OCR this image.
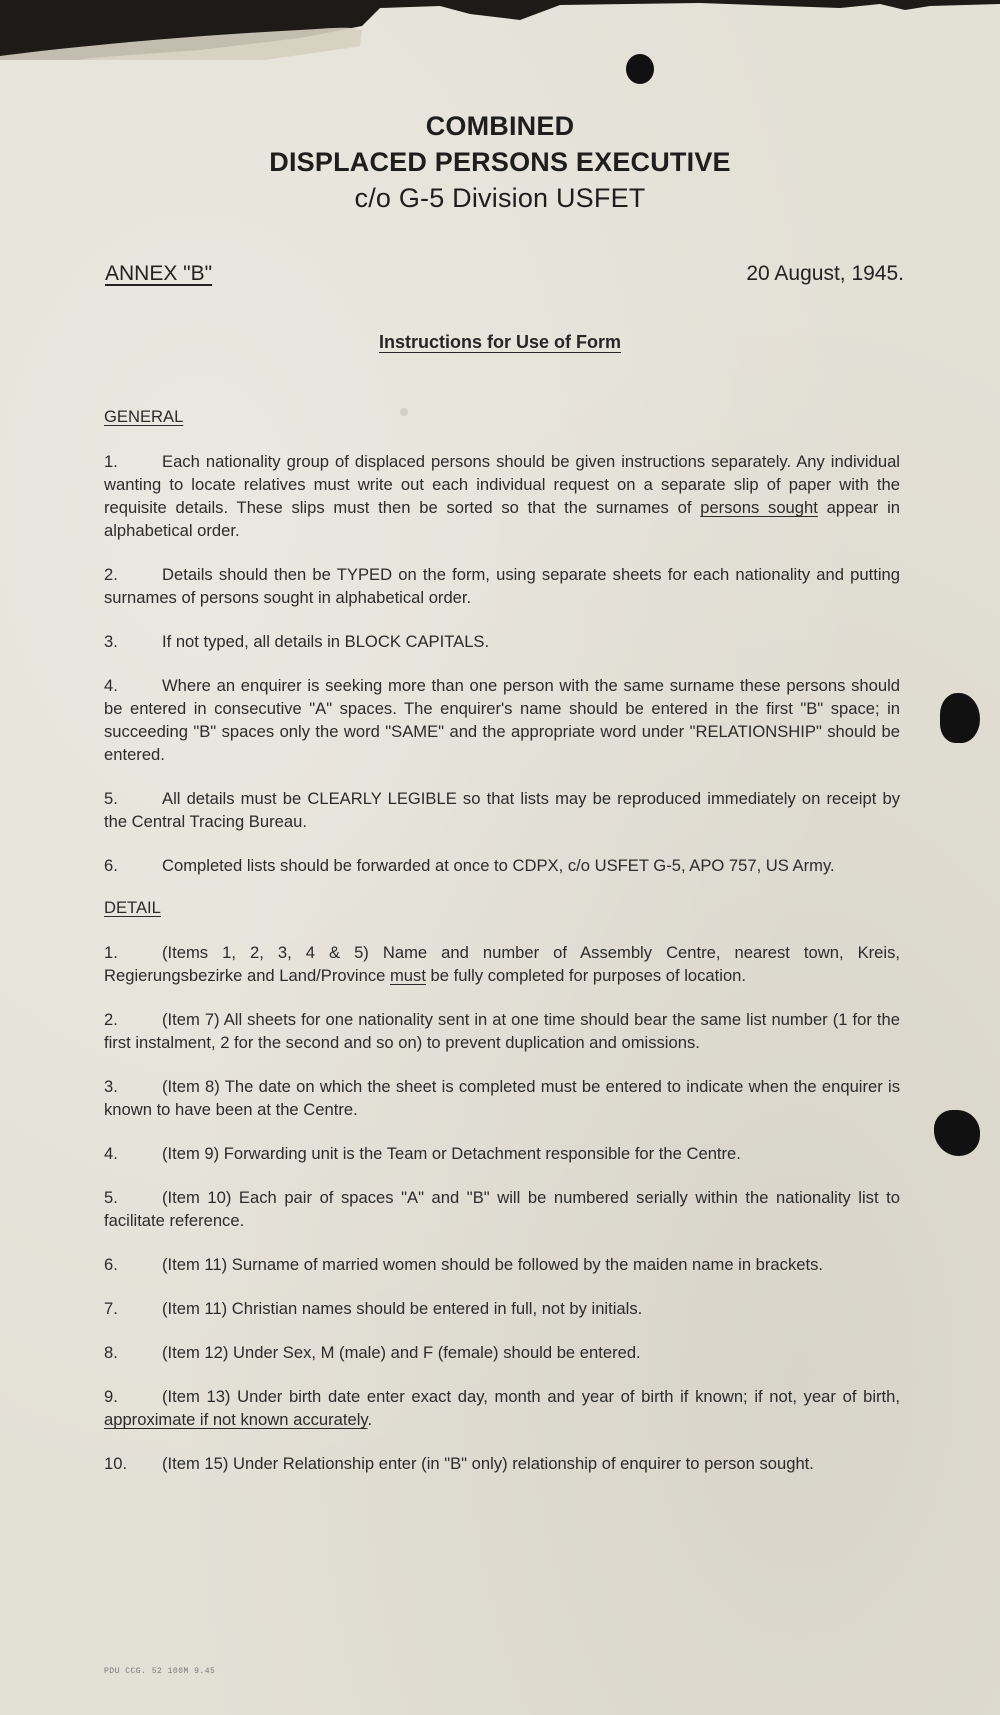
COMBINED
DISPLACED PERSONS EXECUTIVE
c/o G-5 Division USFET
ANNEX "B"	20 August, 1945.
Instructions for Use of Form
GENERAL
1.	Each nationality group of displaced persons should be given instructions separately. Any individual wanting to locate relatives must write out each individual request on a separate slip of paper with the requisite details. These slips must then be sorted so that the surnames of persons sought appear in alphabetical order.
2.	Details should then be TYPED on the form, using separate sheets for each nationality and putting surnames of persons sought in alphabetical order.
3.	If not typed, all details in BLOCK CAPITALS.
4.	Where an enquirer is seeking more than one person with the same surname these persons should be entered in consecutive "A" spaces. The enquirer's name should be entered in the first "B" space; in succeeding "B" spaces only the word "SAME" and the appropriate word under "RELATIONSHIP" should be entered.
5.	All details must be CLEARLY LEGIBLE so that lists may be reproduced immediately on receipt by the Central Tracing Bureau.
6.	Completed lists should be forwarded at once to CDPX, c/o USFET G-5, APO 757, US Army.
DETAIL
1.	(Items 1, 2, 3, 4 & 5) Name and number of Assembly Centre, nearest town, Kreis, Regierungsbezirke and Land/Province must be fully completed for purposes of location.
2.	(Item 7) All sheets for one nationality sent in at one time should bear the same list number (1 for the first instalment, 2 for the second and so on) to prevent duplication and omissions.
3.	(Item 8) The date on which the sheet is completed must be entered to indicate when the enquirer is known to have been at the Centre.
4.	(Item 9) Forwarding unit is the Team or Detachment responsible for the Centre.
5.	(Item 10) Each pair of spaces "A" and "B" will be numbered serially within the nationality list to facilitate reference.
6.	(Item 11) Surname of married women should be followed by the maiden name in brackets.
7.	(Item 11) Christian names should be entered in full, not by initials.
8.	(Item 12) Under Sex, M (male) and F (female) should be entered.
9.	(Item 13) Under birth date enter exact day, month and year of birth if known; if not, year of birth, approximate if not known accurately.
10. (Item 15) Under Relationship enter (in "B" only) relationship of enquirer to person sought.
PDU CCG. 52 100M 9.45
